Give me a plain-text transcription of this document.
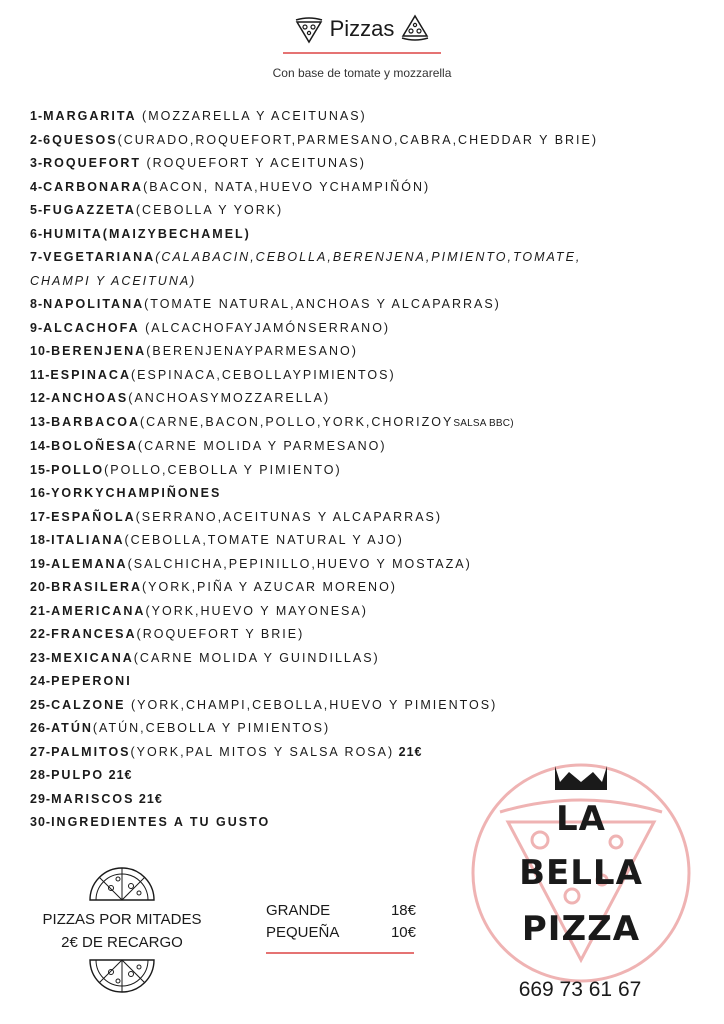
Pizzas
Con base de tomate y mozzarella
1-MARGARITA (MOZZARELLA Y ACEITUNAS)
2-6QUESOS(CURADO,ROQUEFORT,PARMESANO,CABRA,CHEDDAR Y BRIE)
3-ROQUEFORT (ROQUEFORT Y ACEITUNAS)
4-CARBONARA(BACON, NATA,HUEVO YCHAMPIÑÓN)
5-FUGAZZETA(CEBOLLA Y YORK)
6-HUMITA(MAIZYBECHAMEL)
7-VEGETARIANA(CALABACIN,CEBOLLA,BERENJENA,PIMIENTO,TOMATE,
CHAMPI Y ACEITUNA)
8-NAPOLITANA(TOMATE NATURAL,ANCHOAS Y ALCAPARRAS)
9-ALCACHOFA (ALCACHOFAYJAMÓNSERRANO)
10-BERENJENA(BERENJENAYPARMESANO)
11-ESPINACA(ESPINACA,CEBOLLAYPIMIENTOS)
12-ANCHOAS(ANCHOASYMOZZARELLA)
13-BARBACOA(CARNE,BACON,POLLO,YORK,CHORIZOYSALSA BBC)
14-BOLOÑESA(CARNE MOLIDA Y PARMESANO)
15-POLLO(POLLO,CEBOLLA Y PIMIENTO)
16-YORKYCHAMPIÑONES
17-ESPAÑOLA(SERRANO,ACEITUNAS Y ALCAPARRAS)
18-ITALIANA(CEBOLLA,TOMATE NATURAL Y AJO)
19-ALEMANA(SALCHICHA,PEPINILLO,HUEVO Y MOSTAZA)
20-BRASILERA(YORK,PIÑA Y AZUCAR MORENO)
21-AMERICANA(YORK,HUEVO Y MAYONESA)
22-FRANCESA(ROQUEFORT Y BRIE)
23-MEXICANA(CARNE MOLIDA Y GUINDILLAS)
24-PEPERONI
25-CALZONE (YORK,CHAMPI,CEBOLLA,HUEVO Y PIMIENTOS)
26-ATÚN(ATÚN,CEBOLLA Y PIMIENTOS)
27-PALMITOS(YORK,PAL MITOS Y SALSA ROSA) 21€
28-PULPO 21€
29-MARISCOS 21€
30-INGREDIENTES A TU GUSTO
PIZZAS POR MITADES
2€ DE RECARGO
GRANDE	18€
PEQUEÑA	10€
LA
BELLA
PIZZA
669 73 61 67
